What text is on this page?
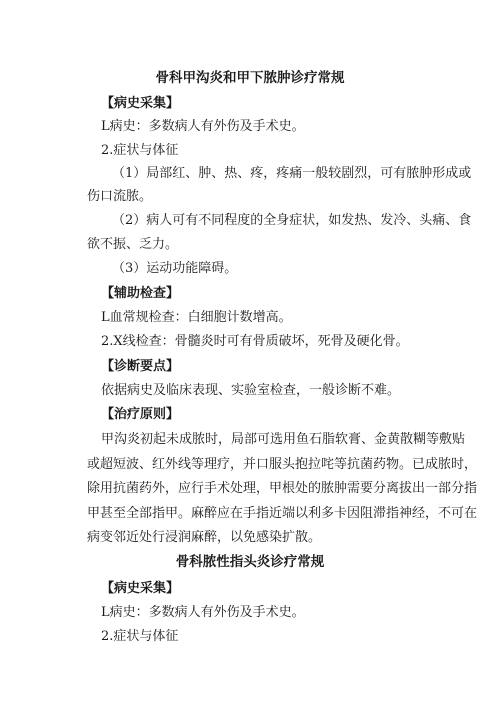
骨科甲沟炎和甲下脓肿诊疗常规
【病史采集】
L病史：多数病人有外伤及手术史。
2.症状与体征
（1）局部红、肿、热、疼，疼痛一般较剧烈，可有脓肿形成或
伤口流脓。
（2）病人可有不同程度的全身症状，如发热、发冷、头痛、食
欲不振、乏力。
（3）运动功能障碍。
【辅助检查】
L血常规检查：白细胞计数增高。
2.X线检查：骨髓炎时可有骨质破坏，死骨及硬化骨。
【诊断要点】
依据病史及临床表现、实验室检查，一般诊断不难。
【治疗原则】
甲沟炎初起未成脓时，局部可选用鱼石脂软膏、金黄散糊等敷贴
或超短波、红外线等理疗，并口服头抱拉咤等抗菌药物。已成脓时，
除用抗菌药外，应行手术处理，甲根处的脓肿需要分离拔出一部分指
甲甚至全部指甲。麻醉应在手指近端以利多卡因阻滞指神经，不可在
病变邻近处行浸润麻醉，以免感染扩散。
骨科脓性指头炎诊疗常规
【病史采集】
L病史：多数病人有外伤及手术史。
2.症状与体征
